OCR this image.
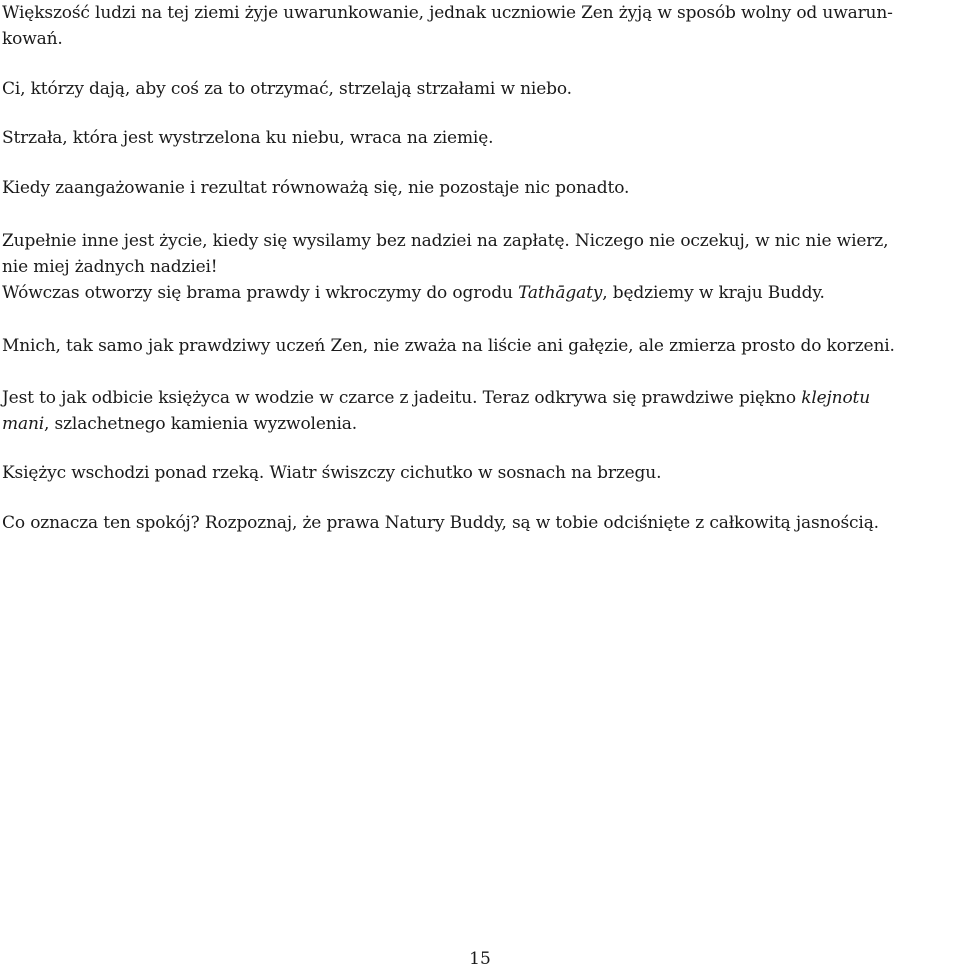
Większość ludzi na tej ziemi żyje uwarunkowanie, jednak uczniowie Zen żyją w sposób wolny od uwarun-
kowań.

Ci, którzy dają, aby coś za to otrzymać, strzelają strzałami w niebo.

Strzała, która jest wystrzelona ku niebu, wraca na ziemię.

Kiedy zaangażowanie i rezultat równoważą się, nie pozostaje nic ponadto.

Zupełnie inne jest życie, kiedy się wysilamy bez nadziei na zapłatę. Niczego nie oczekuj, w nic nie wierz,
nie miej żadnych nadziei!
Wówczas otworzy się brama prawdy i wkroczymy do ogrodu Tathāgaty, będziemy w kraju Buddy.

Mnich, tak samo jak prawdziwy uczeń Zen, nie zważa na liście ani gałęzie, ale zmierza prosto do korzeni.

Jest to jak odbicie księżyca w wodzie w czarce z jadeitu. Teraz odkrywa się prawdziwe piękno klejnotu
mani, szlachetnego kamienia wyzwolenia.

Księżyc wschodzi ponad rzeką. Wiatr świszczy cichutko w sosnach na brzegu.

Co oznacza ten spokój? Rozpoznaj, że prawa Natury Buddy, są w tobie odciśnięte z całkowitą jasnością.

15
